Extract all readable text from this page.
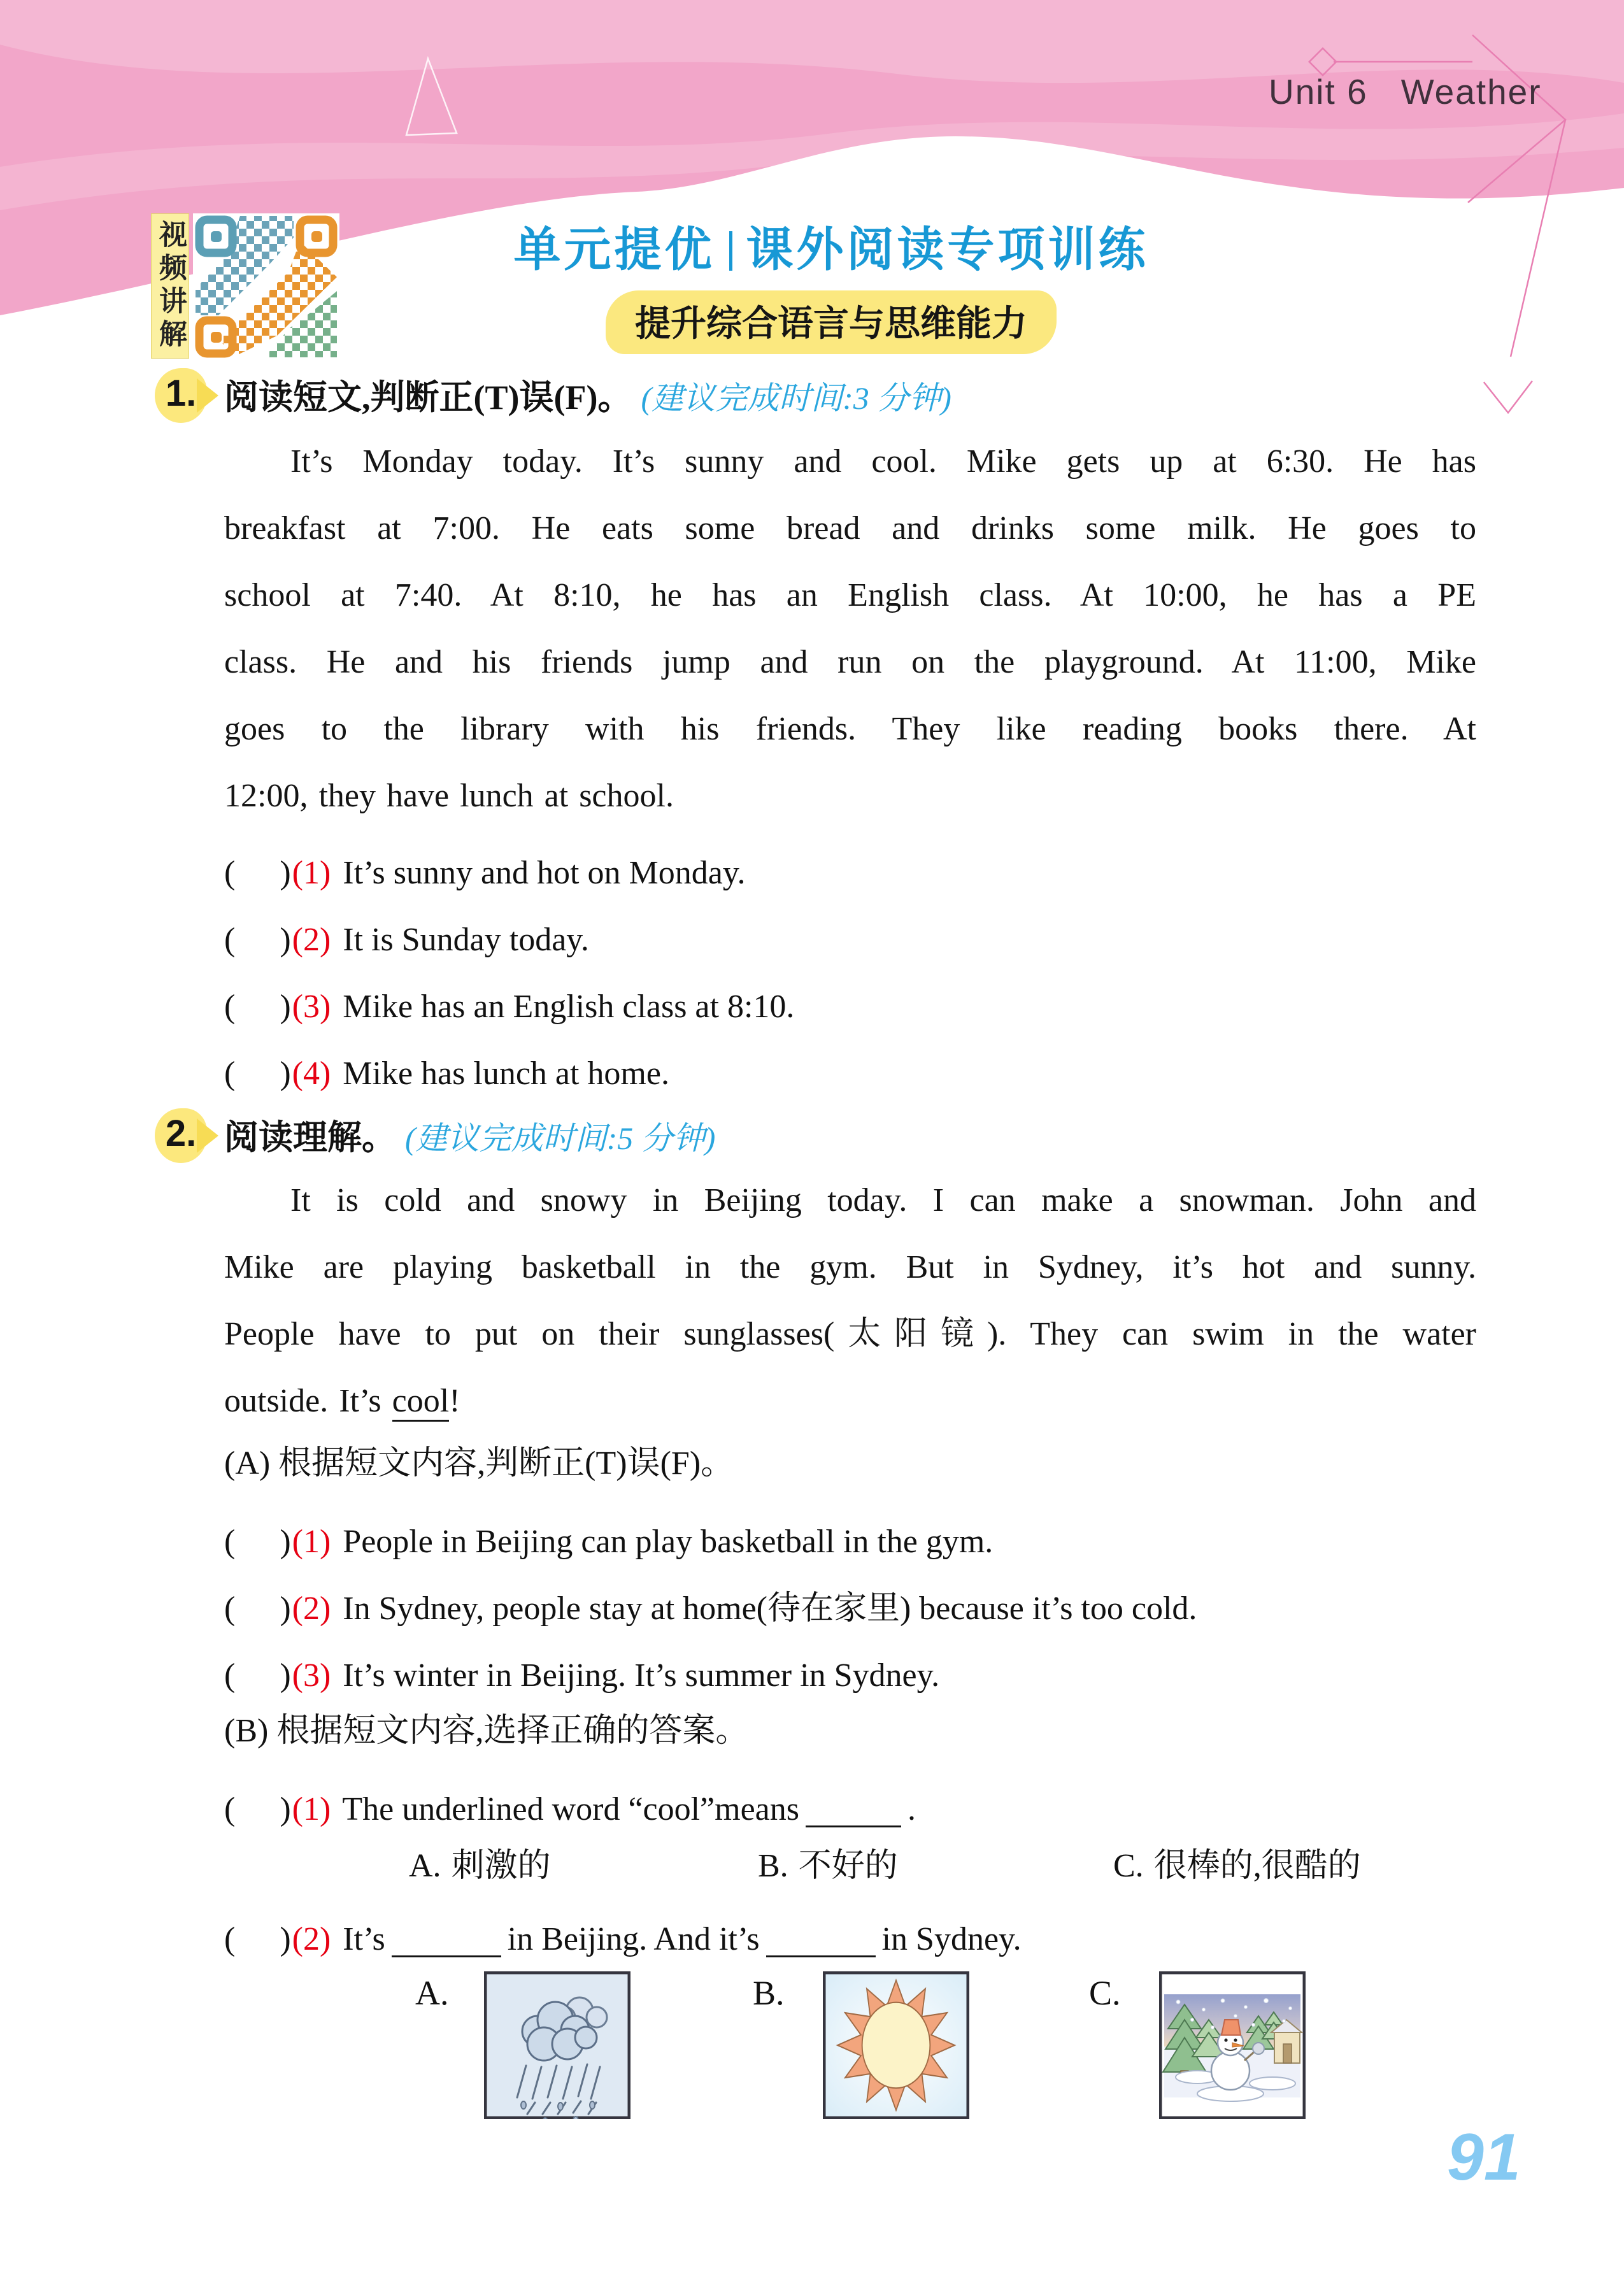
Unit 6 Weather
视频讲解	单元提优 课外阅读专项训练
提升综合语言与思维能力
1. 阅读短文,判断正(T)误(F)。 (建议完成时间:3 分钟)
It’s Monday today. It’s sunny and cool. Mike gets up at 6:30. He has
breakfast at 7:00. He eats some bread and drinks some milk. He goes to
school at 7:40. At 8:10, he has an English class. At 10:00, he has a PE
class. He and his friends jump and run on the playground. At 11:00, Mike
goes to the library with his friends. They like reading books there. At
12:00, they have lunch at school.
( )(1) It’s sunny and hot on Monday.
( )(2) It is Sunday today.
( )(3) Mike has an English class at 8:10.
( )(4) Mike has lunch at home.
2. 阅读理解。 (建议完成时间:5 分钟)
It is cold and snowy in Beijing today. I can make a snowman. John and
Mike are playing basketball in the gym. But in Sydney, it’s hot and sunny.
People have to put on their sunglasses(太阳镜). They can swim in the water
outside. It’s cool!
(A) 根据短文内容,判断正(T)误(F)。
( )(1) People in Beijing can play basketball in the gym.
( )(2) In Sydney, people stay at home(待在家里) because it’s too cold.
( )(3) It’s winter in Beijing. It’s summer in Sydney.
(B) 根据短文内容,选择正确的答案。
( )(1) The underlined word “cool”means	.
A. 刺激的	B. 不好的	C. 很棒的,很酷的
( )(2) It’s	in Beijing. And it’s	in Sydney.
A.	B.	C.
91
